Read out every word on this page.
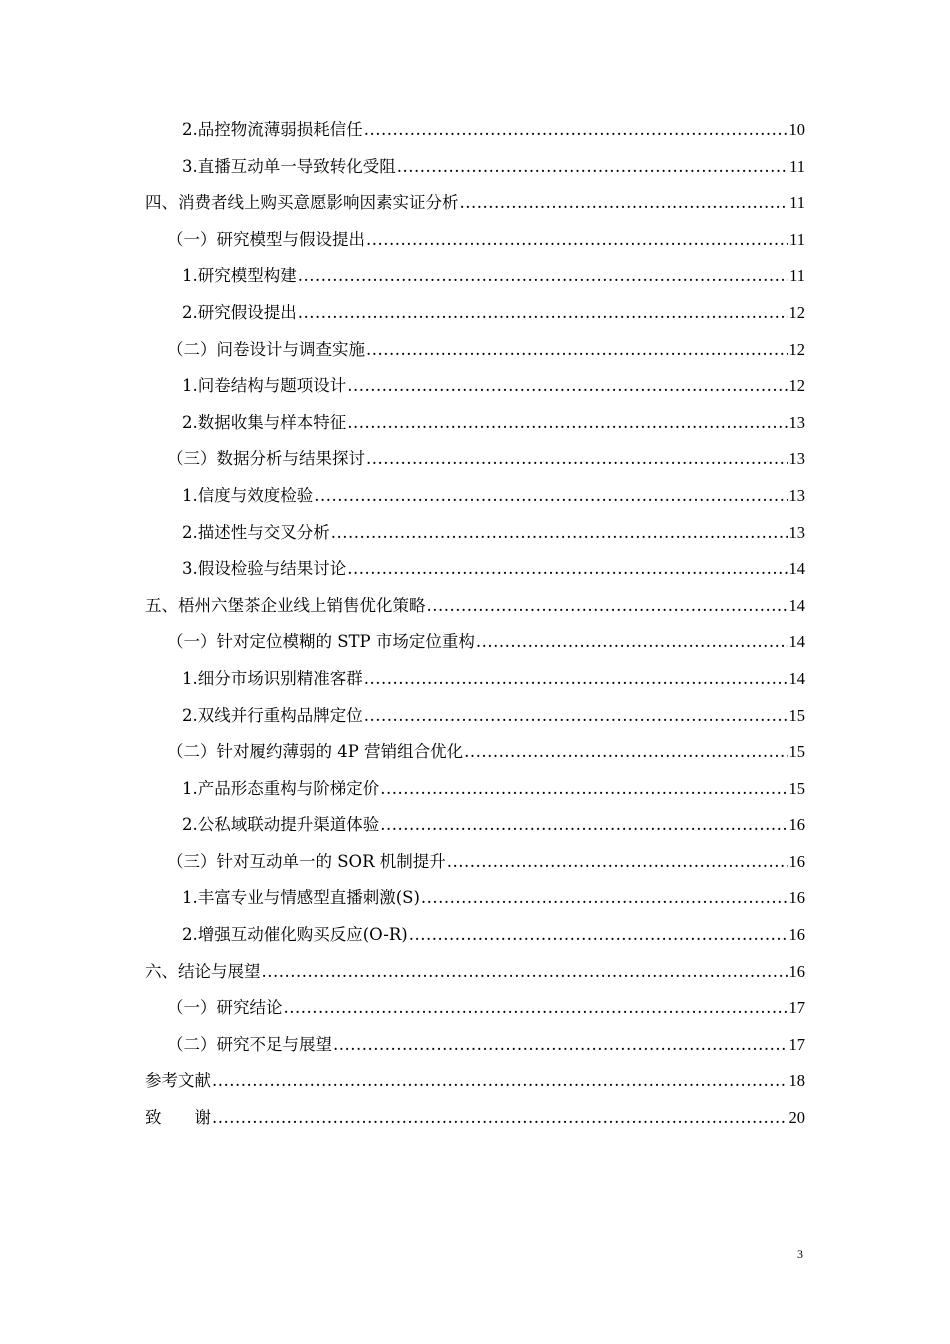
2.品控物流薄弱损耗信任 .....	10
3.直播互动单一导致转化受阻 .....	11
四、消费者线上购买意愿影响因素实证分析 .....	11
（一）研究模型与假设提出 .....	11
1.研究模型构建 .....	11
2.研究假设提出 .....	12
（二）问卷设计与调查实施 .....	12
1.问卷结构与题项设计 .....	12
2.数据收集与样本特征 .....	13
（三）数据分析与结果探讨 .....	13
1.信度与效度检验 .....	13
2.描述性与交叉分析 .....	13
3.假设检验与结果讨论 .....	14
五、梧州六堡茶企业线上销售优化策略 .....	14
（一）针对定位模糊的 STP 市场定位重构 .....	14
1.细分市场识别精准客群 .....	14
2.双线并行重构品牌定位 .....	15
（二）针对履约薄弱的 4P 营销组合优化 .....	15
1.产品形态重构与阶梯定价 .....	15
2.公私域联动提升渠道体验 .....	16
（三）针对互动单一的 SOR 机制提升 .....	16
1.丰富专业与情感型直播刺激(S) .....	16
2.增强互动催化购买反应(O-R) .....	16
六、结论与展望 .....	16
（一）研究结论 .....	17
（二）研究不足与展望 .....	17
参考文献 .....	18
致　　谢 .....	20
3
